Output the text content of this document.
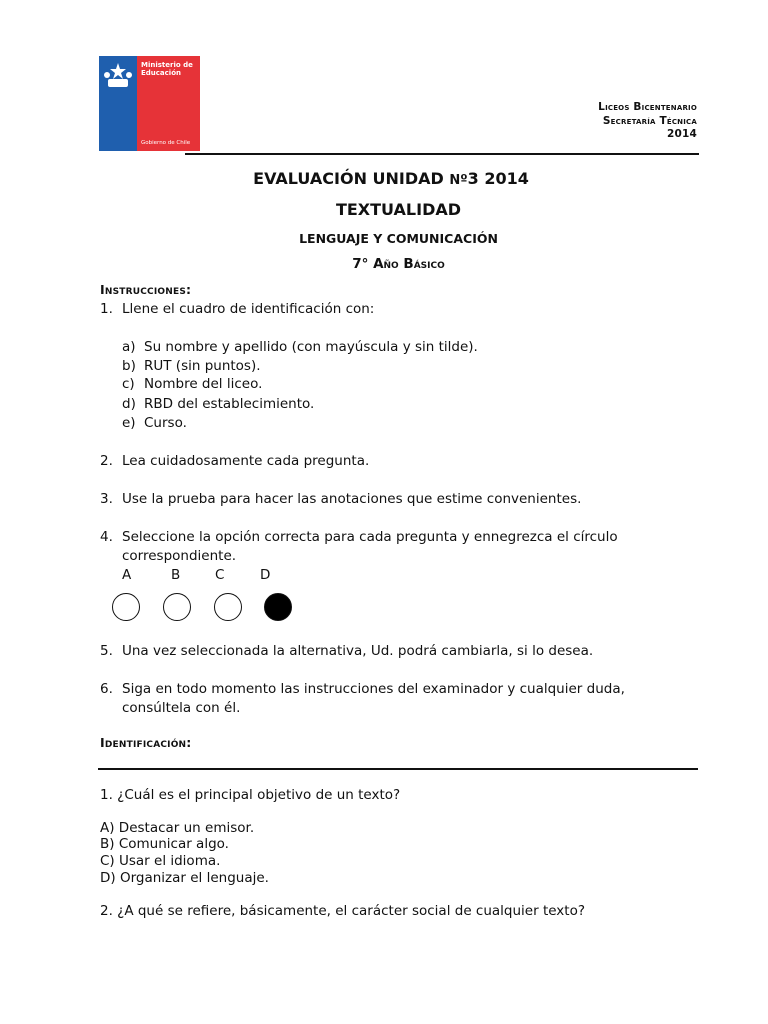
Ministerio de
Educación
Gobierno de Chile
Liceos Bicentenario
Secretaría Técnica
2014
EVALUACIÓN UNIDAD Nº3 2014
TEXTUALIDAD
LENGUAJE Y COMUNICACIÓN
7° Año Básico
Instrucciones:
1. Llene el cuadro de identificación con:
a) Su nombre y apellido (con mayúscula y sin tilde).
b) RUT (sin puntos).
c) Nombre del liceo.
d) RBD del establecimiento.
e) Curso.
2. Lea cuidadosamente cada pregunta.
3. Use la prueba para hacer las anotaciones que estime convenientes.
4. Seleccione la opción correcta para cada pregunta y ennegrezca el círculo
correspondiente.
A	B	C	D
5. Una vez seleccionada la alternativa, Ud. podrá cambiarla, si lo desea.
6. Siga en todo momento las instrucciones del examinador y cualquier duda,
consúltela con él.
Identificación:
1. ¿Cuál es el principal objetivo de un texto?
A) Destacar un emisor.
B) Comunicar algo.
C) Usar el idioma.
D) Organizar el lenguaje.
2. ¿A qué se refiere, básicamente, el carácter social de cualquier texto?
